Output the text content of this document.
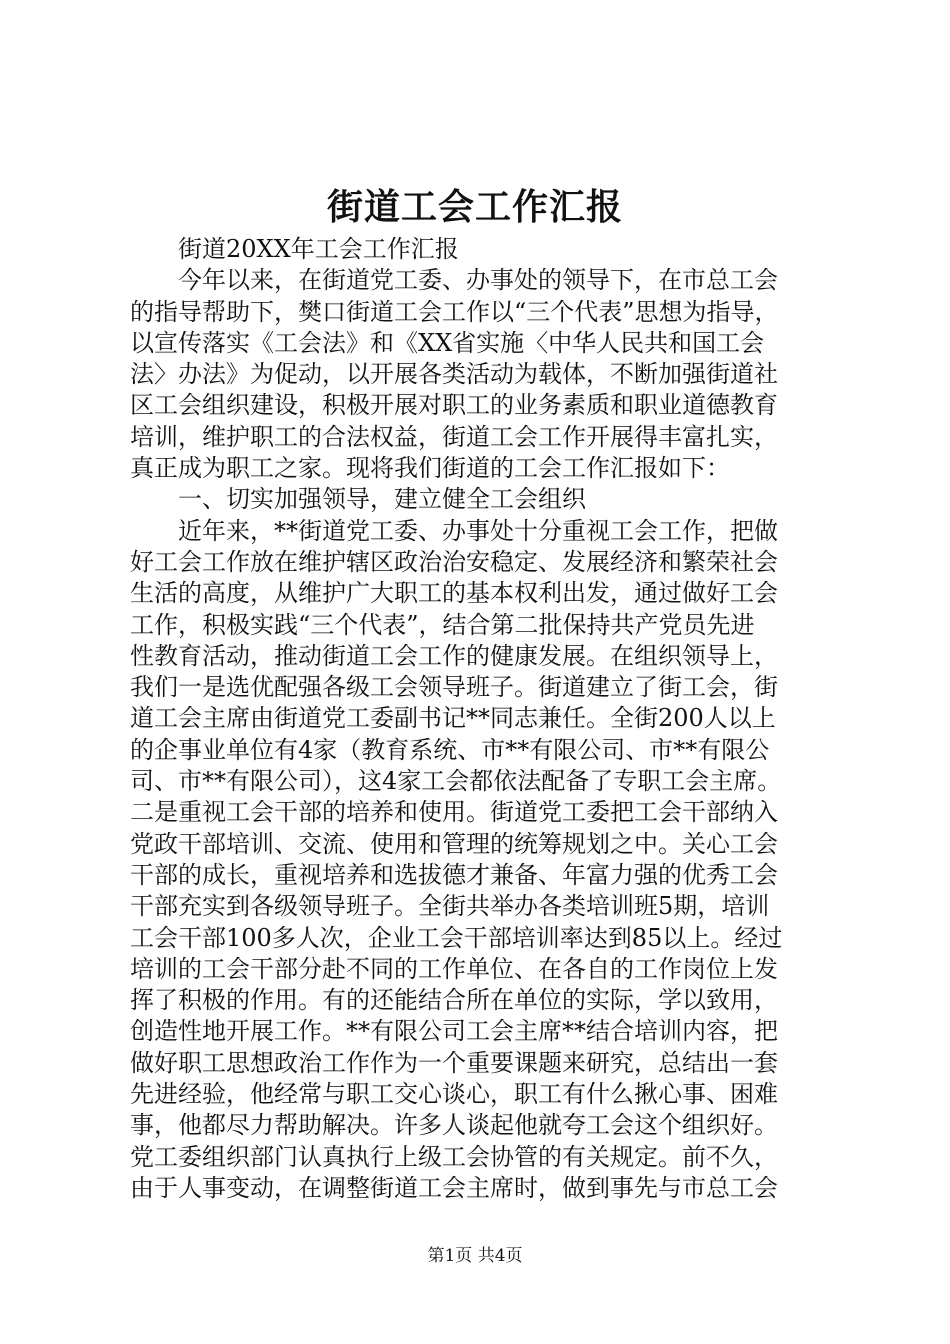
街道工会工作汇报
街道20XX年工会工作汇报
今年以来，在街道党工委、办事处的领导下，在市总工会
的指导帮助下，樊口街道工会工作以“三个代表”思想为指导，
以宣传落实《工会法》和《XX省实施〈中华人民共和国工会
法〉办法》为促动，以开展各类活动为载体，不断加强街道社
区工会组织建设，积极开展对职工的业务素质和职业道德教育
培训，维护职工的合法权益，街道工会工作开展得丰富扎实，
真正成为职工之家。现将我们街道的工会工作汇报如下：
一、切实加强领导，建立健全工会组织
近年来，**街道党工委、办事处十分重视工会工作，把做
好工会工作放在维护辖区政治治安稳定、发展经济和繁荣社会
生活的高度，从维护广大职工的基本权利出发，通过做好工会
工作，积极实践“三个代表”，结合第二批保持共产党员先进
性教育活动，推动街道工会工作的健康发展。在组织领导上，
我们一是选优配强各级工会领导班子。街道建立了街工会，街
道工会主席由街道党工委副书记**同志兼任。全街200人以上
的企事业单位有4家（教育系统、市**有限公司、市**有限公
司、市**有限公司），这4家工会都依法配备了专职工会主席。
二是重视工会干部的培养和使用。街道党工委把工会干部纳入
党政干部培训、交流、使用和管理的统筹规划之中。关心工会
干部的成长，重视培养和选拔德才兼备、年富力强的优秀工会
干部充实到各级领导班子。全街共举办各类培训班5期，培训
工会干部100多人次，企业工会干部培训率达到85以上。经过
培训的工会干部分赴不同的工作单位、在各自的工作岗位上发
挥了积极的作用。有的还能结合所在单位的实际，学以致用，
创造性地开展工作。**有限公司工会主席**结合培训内容，把
做好职工思想政治工作作为一个重要课题来研究，总结出一套
先进经验，他经常与职工交心谈心，职工有什么揪心事、困难
事，他都尽力帮助解决。许多人谈起他就夸工会这个组织好。
党工委组织部门认真执行上级工会协管的有关规定。前不久，
由于人事变动，在调整街道工会主席时，做到事先与市总工会
第1页 共4页
